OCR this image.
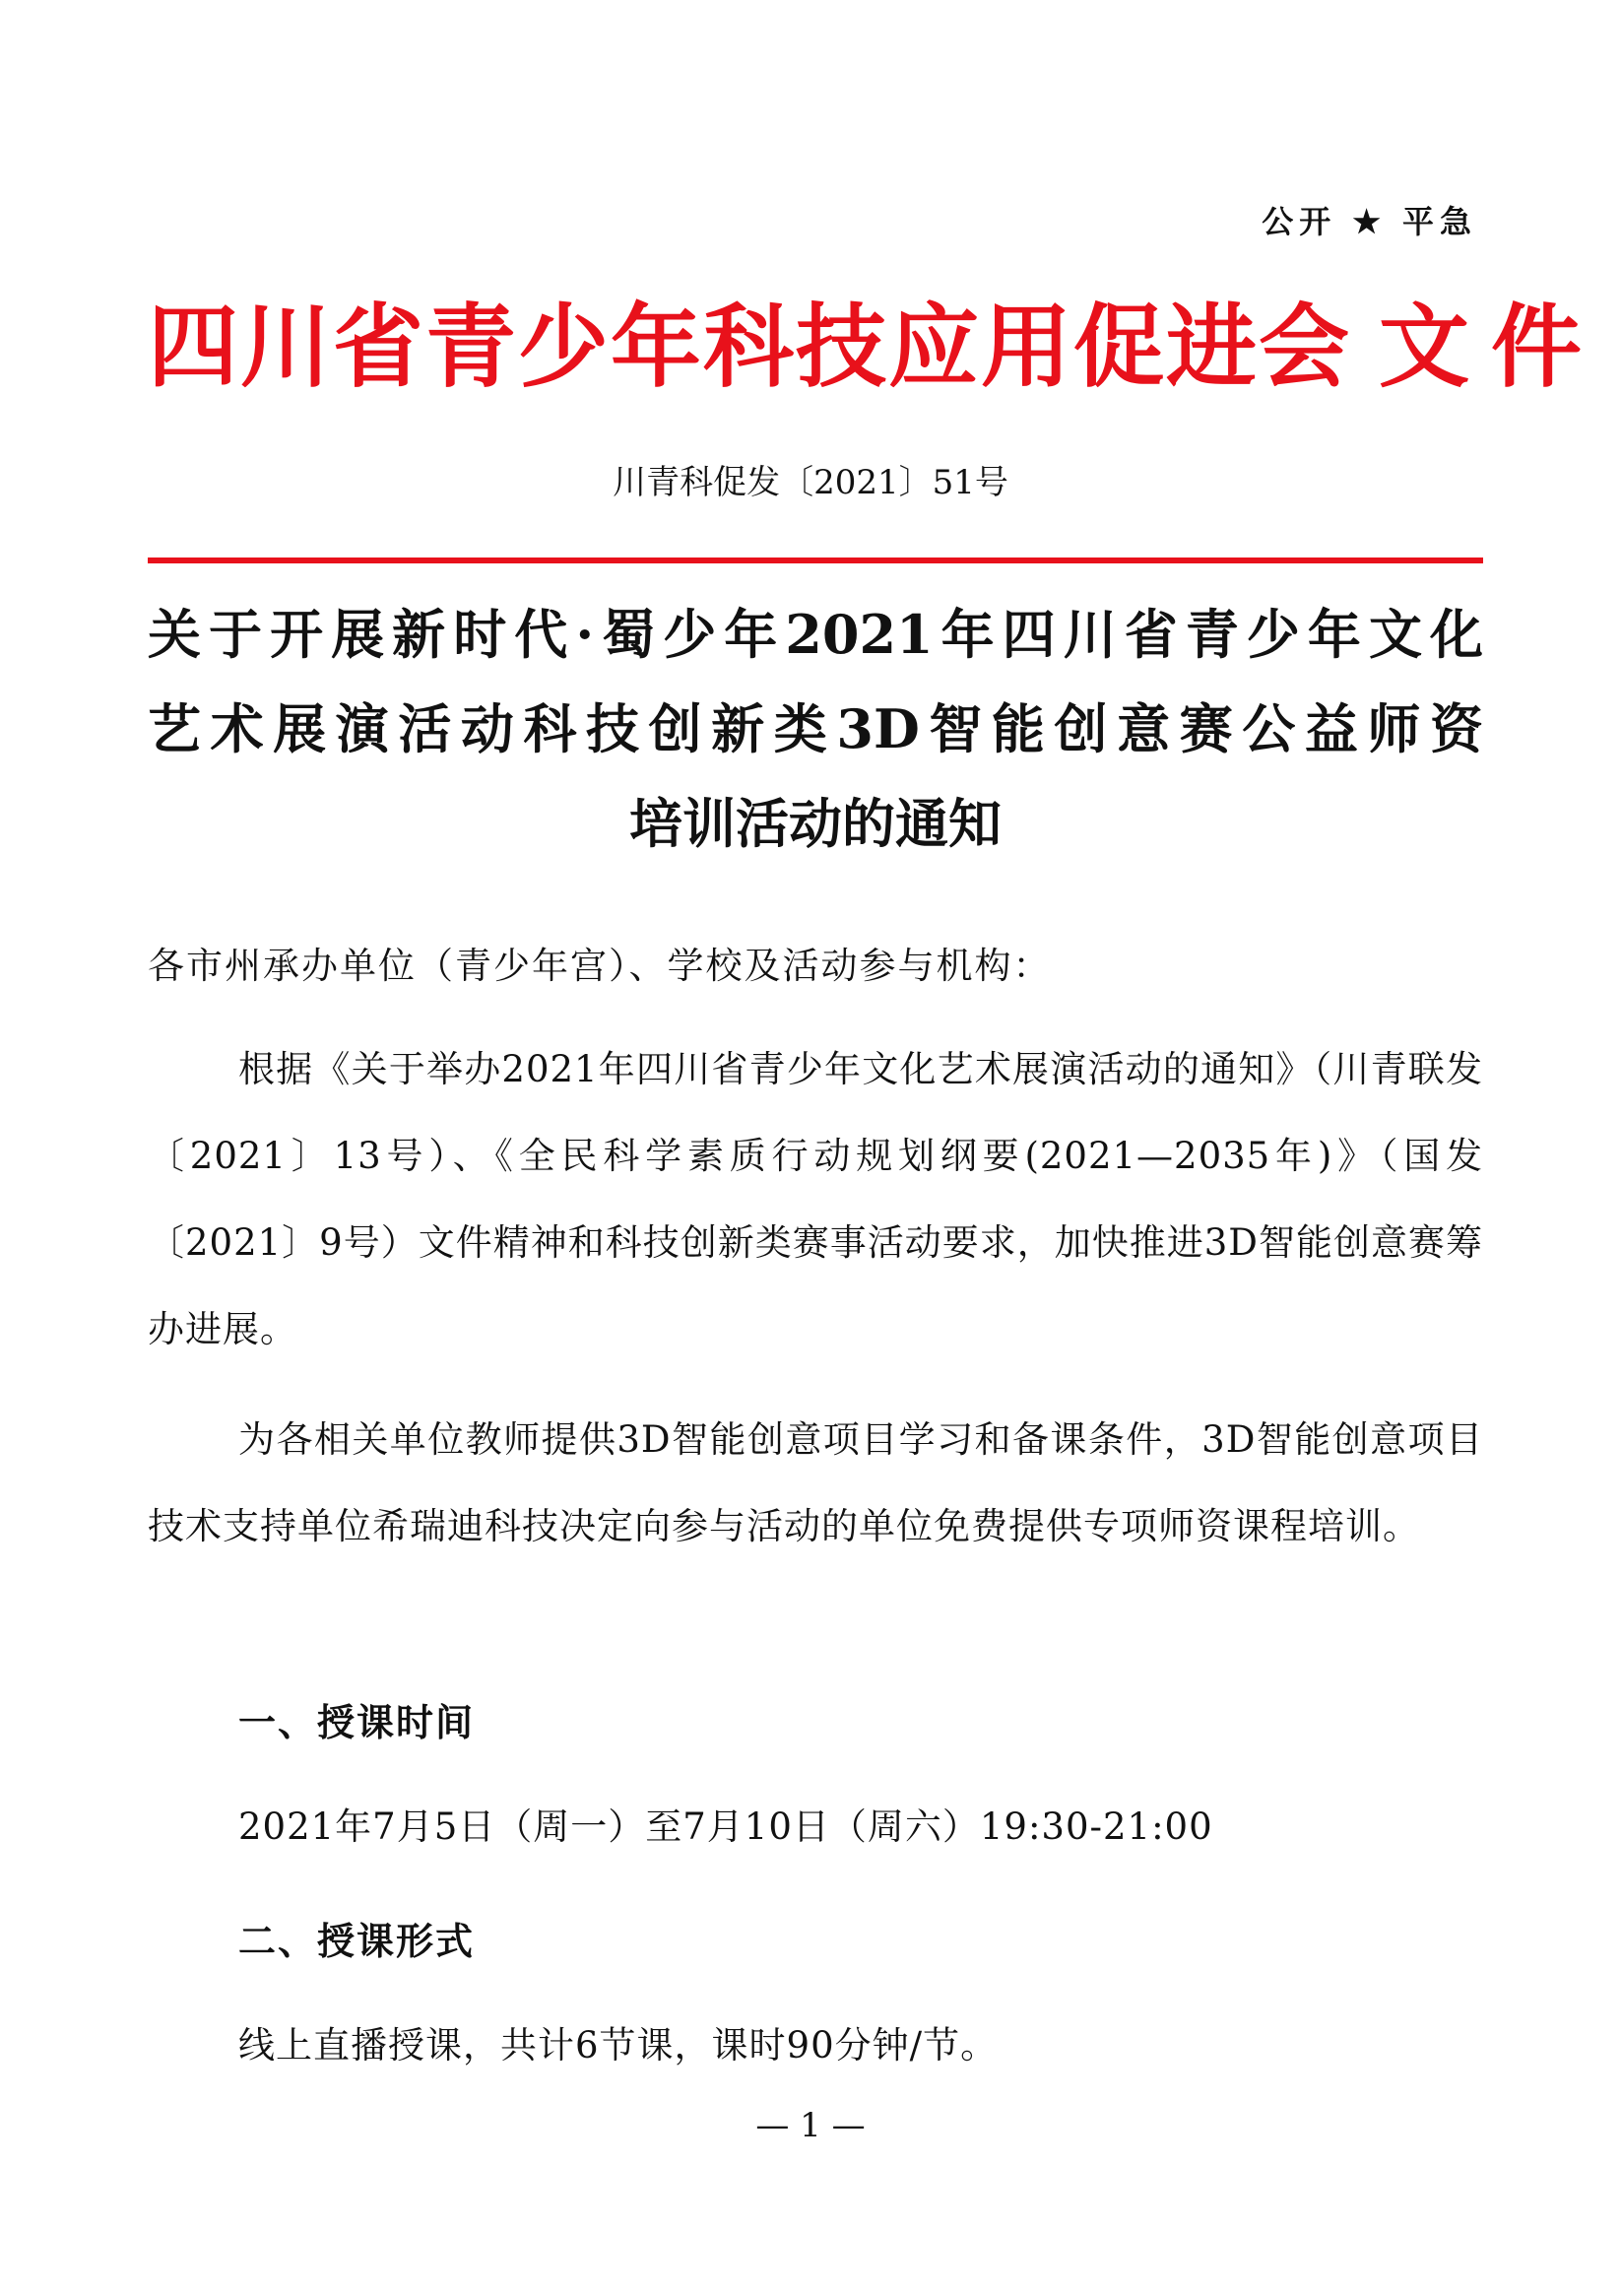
公开 ★ 平急
四川省青少年科技应用促进会 文件
川青科促发〔2021〕51号
关于开展新时代·蜀少年2021年四川省青少年文化
艺术展演活动科技创新类3D智能创意赛公益师资
培训活动的通知
各市州承办单位（青少年宫）、学校及活动参与机构：
根据《关于举办2021年四川省青少年文化艺术展演活动的通知》（川青联发〔2021〕13号）、《全民科学素质行动规划纲要(2021—2035年)》（国发〔2021〕9号）文件精神和科技创新类赛事活动要求，加快推进3D智能创意赛筹办进展。
为各相关单位教师提供3D智能创意项目学习和备课条件，3D智能创意项目技术支持单位希瑞迪科技决定向参与活动的单位免费提供专项师资课程培训。
一、授课时间
2021年7月5日（周一）至7月10日（周六）19:30-21:00
二、授课形式
线上直播授课，共计6节课，课时90分钟/节。
— 1 —
